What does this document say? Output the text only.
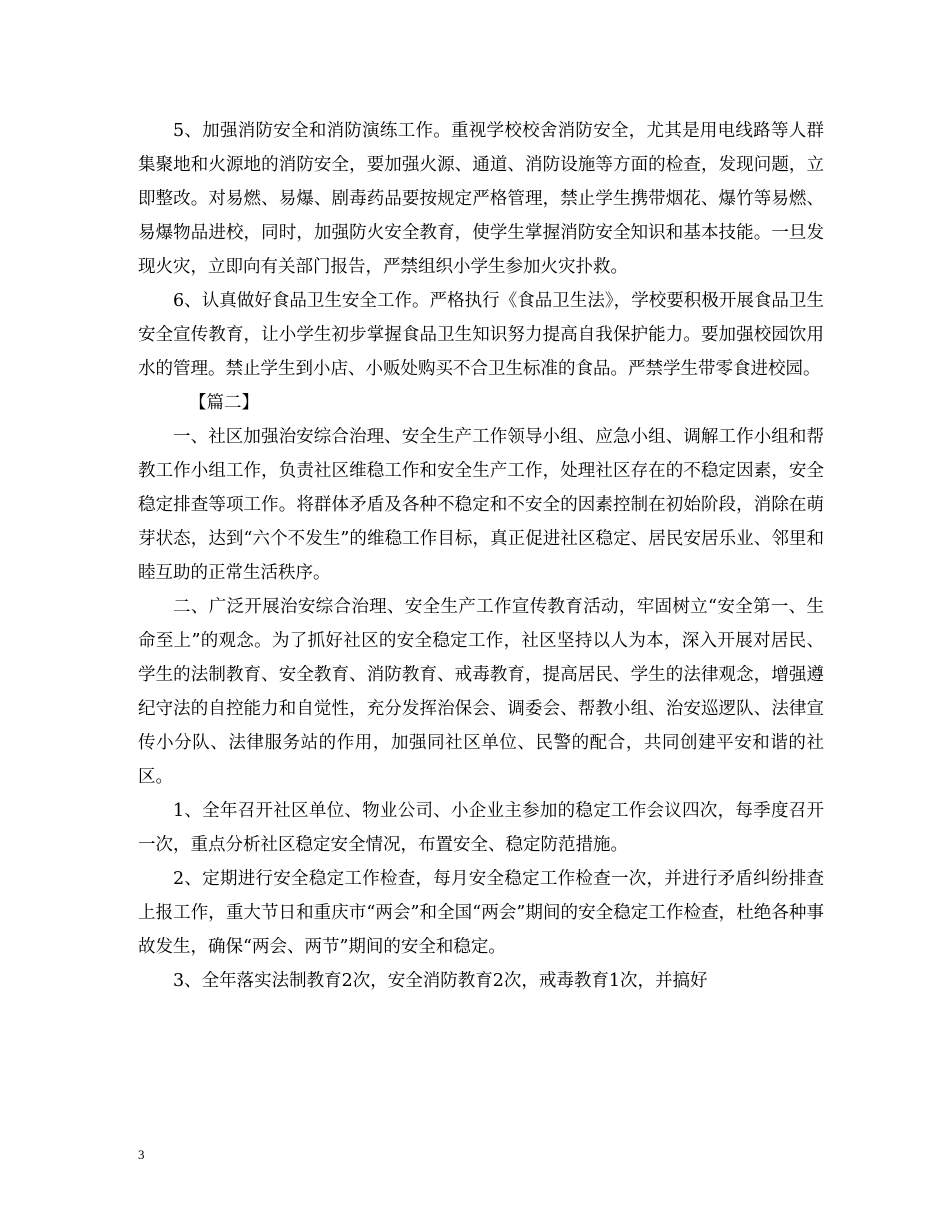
5、加强消防安全和消防演练工作。重视学校校舍消防安全，尤其是用电线路等人群集聚地和火源地的消防安全，要加强火源、通道、消防设施等方面的检查，发现问题，立即整改。对易燃、易爆、剧毒药品要按规定严格管理，禁止学生携带烟花、爆竹等易燃、易爆物品进校，同时，加强防火安全教育，使学生掌握消防安全知识和基本技能。一旦发现火灾，立即向有关部门报告，严禁组织小学生参加火灾扑救。

6、认真做好食品卫生安全工作。严格执行《食品卫生法》，学校要积极开展食品卫生安全宣传教育，让小学生初步掌握食品卫生知识努力提高自我保护能力。要加强校园饮用水的管理。禁止学生到小店、小贩处购买不合卫生标准的食品。严禁学生带零食进校园。

【篇二】

一、社区加强治安综合治理、安全生产工作领导小组、应急小组、调解工作小组和帮教工作小组工作，负责社区维稳工作和安全生产工作，处理社区存在的不稳定因素，安全稳定排查等项工作。将群体矛盾及各种不稳定和不安全的因素控制在初始阶段，消除在萌芽状态，达到“六个不发生”的维稳工作目标，真正促进社区稳定、居民安居乐业、邻里和睦互助的正常生活秩序。

二、广泛开展治安综合治理、安全生产工作宣传教育活动，牢固树立“安全第一、生命至上”的观念。为了抓好社区的安全稳定工作，社区坚持以人为本，深入开展对居民、学生的法制教育、安全教育、消防教育、戒毒教育，提高居民、学生的法律观念，增强遵纪守法的自控能力和自觉性，充分发挥治保会、调委会、帮教小组、治安巡逻队、法律宣传小分队、法律服务站的作用，加强同社区单位、民警的配合，共同创建平安和谐的社区。

1、全年召开社区单位、物业公司、小企业主参加的稳定工作会议四次，每季度召开一次，重点分析社区稳定安全情况，布置安全、稳定防范措施。

2、定期进行安全稳定工作检查，每月安全稳定工作检查一次，并进行矛盾纠纷排查上报工作，重大节日和重庆市“两会”和全国“两会”期间的安全稳定工作检查，杜绝各种事故发生，确保“两会、两节”期间的安全和稳定。

3、全年落实法制教育2次，安全消防教育2次，戒毒教育1次，并搞好

3
